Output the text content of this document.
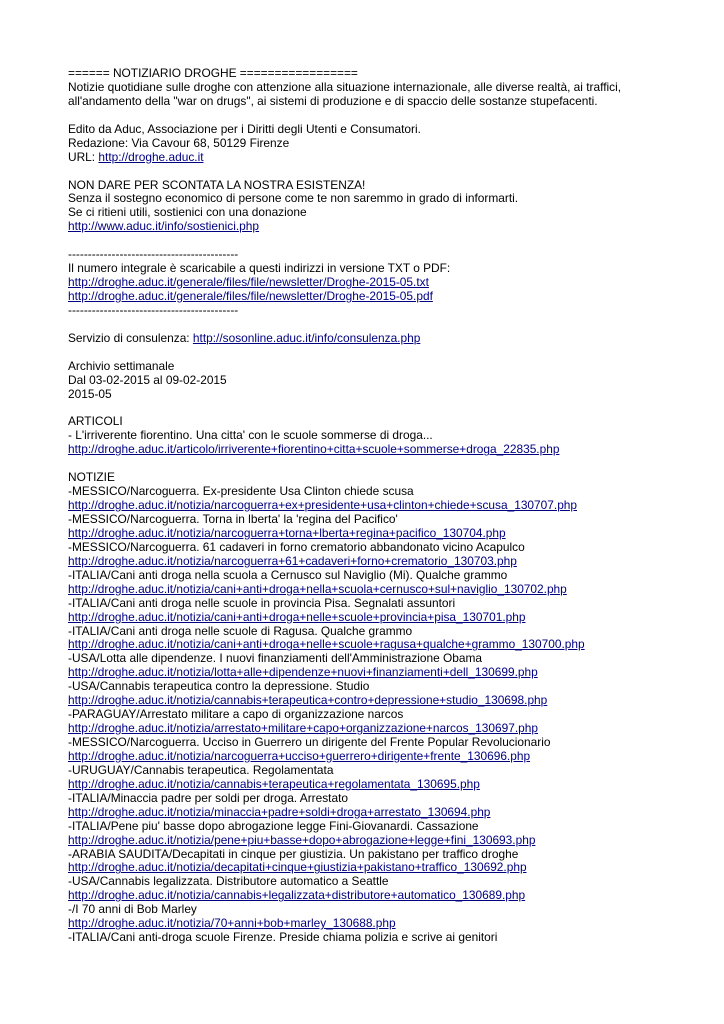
====== NOTIZIARIO DROGHE =================
Notizie quotidiane sulle droghe con attenzione alla situazione internazionale, alle diverse realtà, ai traffici,
all'andamento della "war on drugs", ai sistemi di produzione e di spaccio delle sostanze stupefacenti.
Edito da Aduc, Associazione per i Diritti degli Utenti e Consumatori.
Redazione: Via Cavour 68, 50129 Firenze
URL: http://droghe.aduc.it
NON DARE PER SCONTATA LA NOSTRA ESISTENZA!
Senza il sostegno economico di persone come te non saremmo in grado di informarti.
Se ci ritieni utili, sostienici con una donazione
http://www.aduc.it/info/sostienici.php
-------------------------------------------
Il numero integrale è scaricabile a questi indirizzi in versione TXT o PDF:
http://droghe.aduc.it/generale/files/file/newsletter/Droghe-2015-05.txt
http://droghe.aduc.it/generale/files/file/newsletter/Droghe-2015-05.pdf
-------------------------------------------
Servizio di consulenza: http://sosonline.aduc.it/info/consulenza.php
Archivio settimanale
Dal 03-02-2015 al 09-02-2015
2015-05
ARTICOLI
- L'irriverente fiorentino. Una citta' con le scuole sommerse di droga...
http://droghe.aduc.it/articolo/irriverente+fiorentino+citta+scuole+sommerse+droga_22835.php
NOTIZIE
-MESSICO/Narcoguerra. Ex-presidente Usa Clinton chiede scusa
http://droghe.aduc.it/notizia/narcoguerra+ex+presidente+usa+clinton+chiede+scusa_130707.php
-MESSICO/Narcoguerra. Torna in lberta' la 'regina del Pacifico'
http://droghe.aduc.it/notizia/narcoguerra+torna+lberta+regina+pacifico_130704.php
-MESSICO/Narcoguerra. 61 cadaveri in forno crematorio abbandonato vicino Acapulco
http://droghe.aduc.it/notizia/narcoguerra+61+cadaveri+forno+crematorio_130703.php
-ITALIA/Cani anti droga nella scuola a Cernusco sul Naviglio (Mi). Qualche grammo
http://droghe.aduc.it/notizia/cani+anti+droga+nella+scuola+cernusco+sul+naviglio_130702.php
-ITALIA/Cani anti droga nelle scuole in provincia Pisa. Segnalati assuntori
http://droghe.aduc.it/notizia/cani+anti+droga+nelle+scuole+provincia+pisa_130701.php
-ITALIA/Cani anti droga nelle scuole di Ragusa. Qualche grammo
http://droghe.aduc.it/notizia/cani+anti+droga+nelle+scuole+ragusa+qualche+grammo_130700.php
-USA/Lotta alle dipendenze. I nuovi finanziamenti dell'Amministrazione Obama
http://droghe.aduc.it/notizia/lotta+alle+dipendenze+nuovi+finanziamenti+dell_130699.php
-USA/Cannabis terapeutica contro la depressione. Studio
http://droghe.aduc.it/notizia/cannabis+terapeutica+contro+depressione+studio_130698.php
-PARAGUAY/Arrestato militare a capo di organizzazione narcos
http://droghe.aduc.it/notizia/arrestato+militare+capo+organizzazione+narcos_130697.php
-MESSICO/Narcoguerra. Ucciso in Guerrero un dirigente del Frente Popular Revolucionario
http://droghe.aduc.it/notizia/narcoguerra+ucciso+guerrero+dirigente+frente_130696.php
-URUGUAY/Cannabis terapeutica. Regolamentata
http://droghe.aduc.it/notizia/cannabis+terapeutica+regolamentata_130695.php
-ITALIA/Minaccia padre per soldi per droga. Arrestato
http://droghe.aduc.it/notizia/minaccia+padre+soldi+droga+arrestato_130694.php
-ITALIA/Pene piu' basse dopo abrogazione legge Fini-Giovanardi. Cassazione
http://droghe.aduc.it/notizia/pene+piu+basse+dopo+abrogazione+legge+fini_130693.php
-ARABIA SAUDITA/Decapitati in cinque per giustizia. Un pakistano per traffico droghe
http://droghe.aduc.it/notizia/decapitati+cinque+giustizia+pakistano+traffico_130692.php
-USA/Cannabis legalizzata. Distributore automatico a Seattle
http://droghe.aduc.it/notizia/cannabis+legalizzata+distributore+automatico_130689.php
-/I 70 anni di Bob Marley
http://droghe.aduc.it/notizia/70+anni+bob+marley_130688.php
-ITALIA/Cani anti-droga scuole Firenze. Preside chiama polizia e scrive ai genitori
